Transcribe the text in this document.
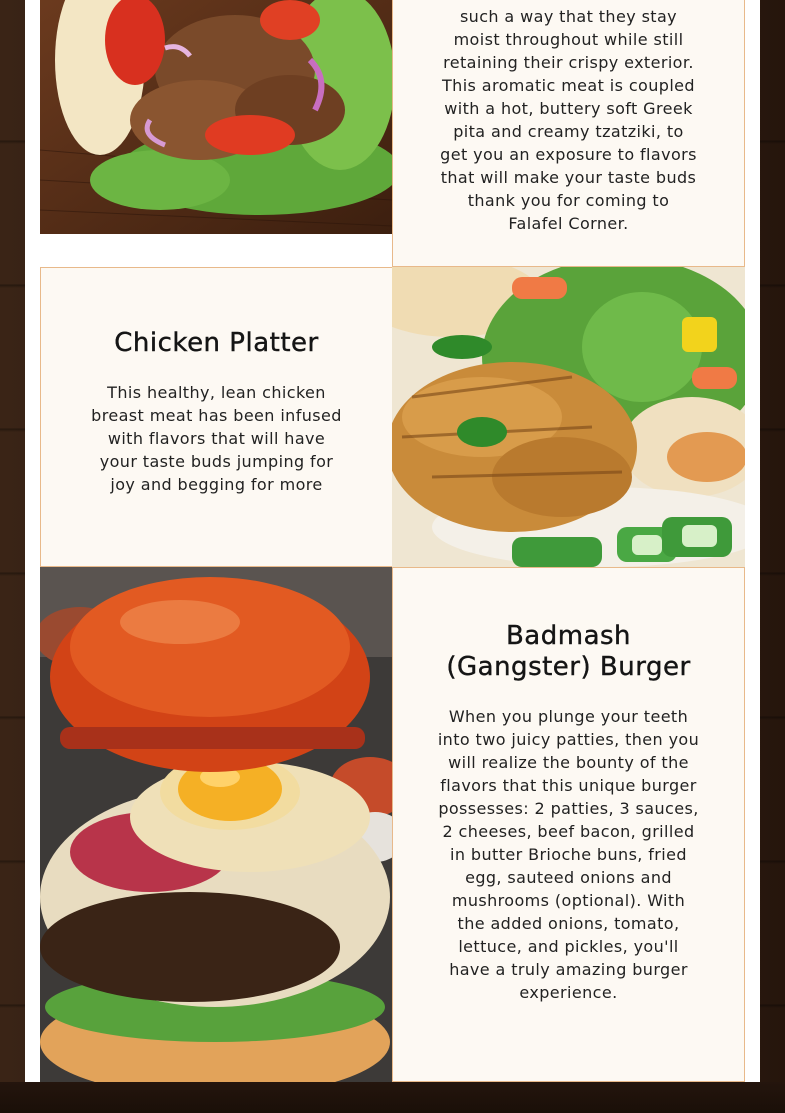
such a way that they stay
moist throughout while still
retaining their crispy exterior.
This aromatic meat is coupled
with a hot, buttery soft Greek
pita and creamy tzatziki, to
get you an exposure to flavors
that will make your taste buds
thank you for coming to
Falafel Corner.

Chicken Platter

This healthy, lean chicken
breast meat has been infused
with flavors that will have
your taste buds jumping for
joy and begging for more

Badmash
(Gangster) Burger

When you plunge your teeth
into two juicy patties, then you
will realize the bounty of the
flavors that this unique burger
possesses: 2 patties, 3 sauces,
2 cheeses, beef bacon, grilled
in butter Brioche buns, fried
egg, sauteed onions and
mushrooms (optional). With
the added onions, tomato,
lettuce, and pickles, you'll
have a truly amazing burger
experience.
